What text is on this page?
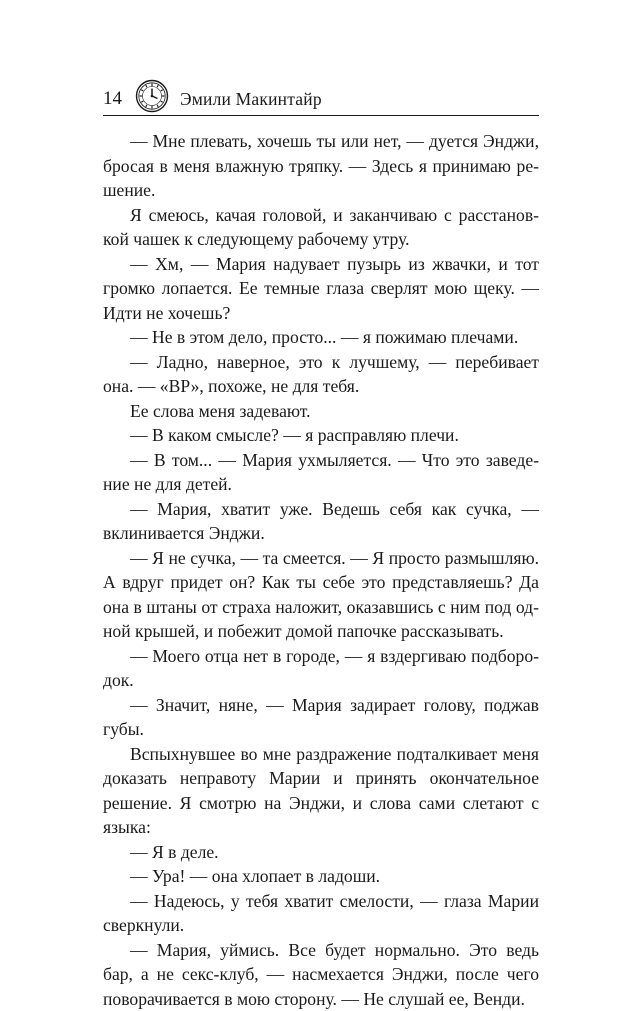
14	Эмили Макинтайр

— Мне плевать, хочешь ты или нет, — дуется Энджи, бросая в меня влажную тряпку. — Здесь я принимаю решение.

Я смеюсь, качая головой, и заканчиваю с расстановкой чашек к следующему рабочему утру.

— Хм, — Мария надувает пузырь из жвачки, и тот громко лопается. Ее темные глаза сверлят мою щеку. — Идти не хочешь?

— Не в этом дело, просто... — я пожимаю плечами.

— Ладно, наверное, это к лучшему, — перебивает она. — «ВР», похоже, не для тебя.

Ее слова меня задевают.

— В каком смысле? — я расправляю плечи.

— В том... — Мария ухмыляется. — Что это заведение не для детей.

— Мария, хватит уже. Ведешь себя как сучка, — вклинивается Энджи.

— Я не сучка, — та смеется. — Я просто размышляю. А вдруг придет он? Как ты себе это представляешь? Да она в штаны от страха наложит, оказавшись с ним под одной крышей, и побежит домой папочке рассказывать.

— Моего отца нет в городе, — я вздергиваю подбородок.

— Значит, няне, — Мария задирает голову, поджав губы.

Вспыхнувшее во мне раздражение подталкивает меня доказать неправоту Марии и принять окончательное решение. Я смотрю на Энджи, и слова сами слетают с языка:

— Я в деле.

— Ура! — она хлопает в ладоши.

— Надеюсь, у тебя хватит смелости, — глаза Марии сверкнули.

— Мария, уймись. Все будет нормально. Это ведь бар, а не секс-клуб, — насмехается Энджи, после чего поворачивается в мою сторону. — Не слушай ее, Венди.
